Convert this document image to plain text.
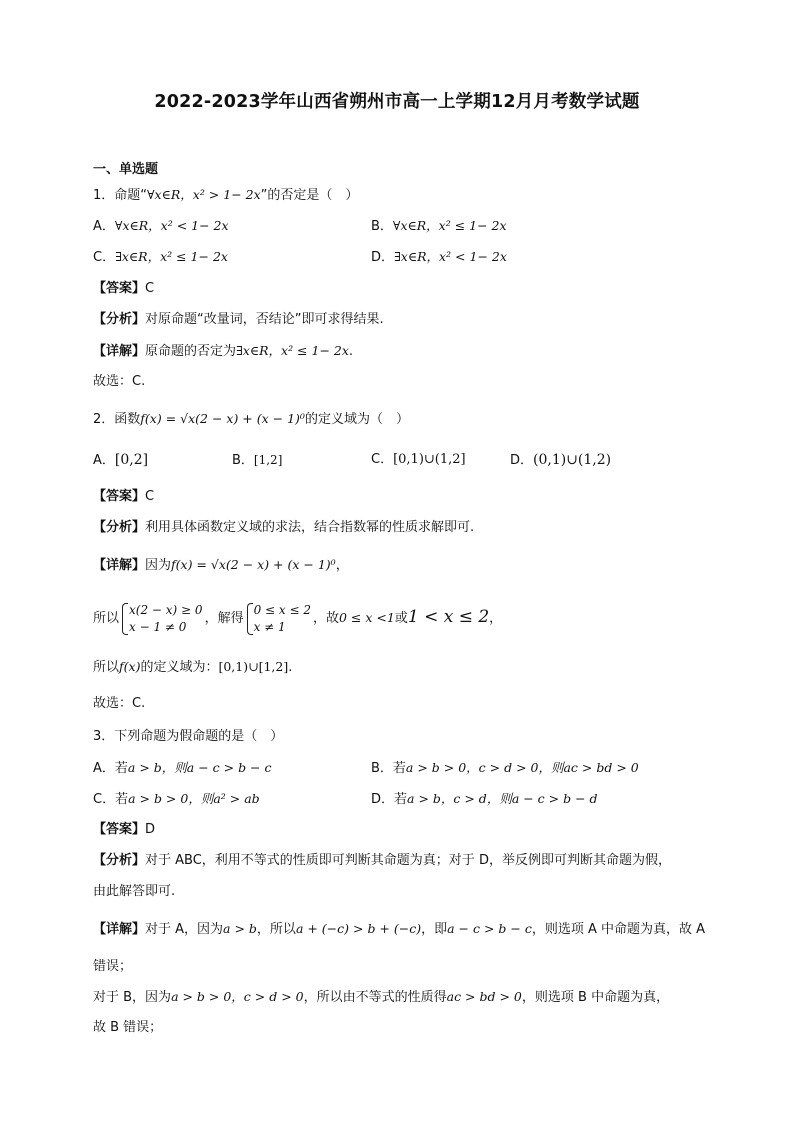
2022-2023学年山西省朔州市高一上学期12月月考数学试题
一、单选题
1．命题“∀x∈R，x² > 1− 2x”的否定是（　）
A．∀x∈R，x² < 1− 2x	B．∀x∈R，x² ≤ 1− 2x
C．∃x∈R，x² ≤ 1− 2x	D．∃x∈R，x² < 1− 2x
【答案】C
【分析】对原命题“改量词，否结论”即可求得结果.
【详解】原命题的否定为∃x∈R，x² ≤ 1− 2x.
故选：C.
2．函数f(x) = √x(2 − x) + (x − 1)⁰的定义域为（　）
A．[0,2]	B．[1,2]	C．[0,1)∪(1,2]	D．(0,1)∪(1,2)
【答案】C
【分析】利用具体函数定义域的求法，结合指数幂的性质求解即可.
【详解】因为f(x) = √x(2 − x) + (x − 1)⁰，
所以
x(2 − x) ≥ 0
x − 1 ≠ 0
，解得
0 ≤ x ≤ 2
x ≠ 1
，故0 ≤ x <1或1 < x ≤ 2，
所以f(x)的定义域为：[0,1)∪[1,2].
故选：C.
3．下列命题为假命题的是（　）
A．若a > b，则a − c > b − c	B．若a > b > 0，c > d > 0，则ac > bd > 0
C．若a > b > 0，则a² > ab	D．若a > b，c > d，则a − c > b − d
【答案】D
【分析】对于 ABC，利用不等式的性质即可判断其命题为真；对于 D，举反例即可判断其命题为假，
由此解答即可.
【详解】对于 A，因为a > b，所以a + (−c) > b + (−c)，即a − c > b − c，则选项 A 中命题为真，故 A
错误；
对于 B，因为a > b > 0，c > d > 0，所以由不等式的性质得ac > bd > 0，则选项 B 中命题为真，
故 B 错误；
